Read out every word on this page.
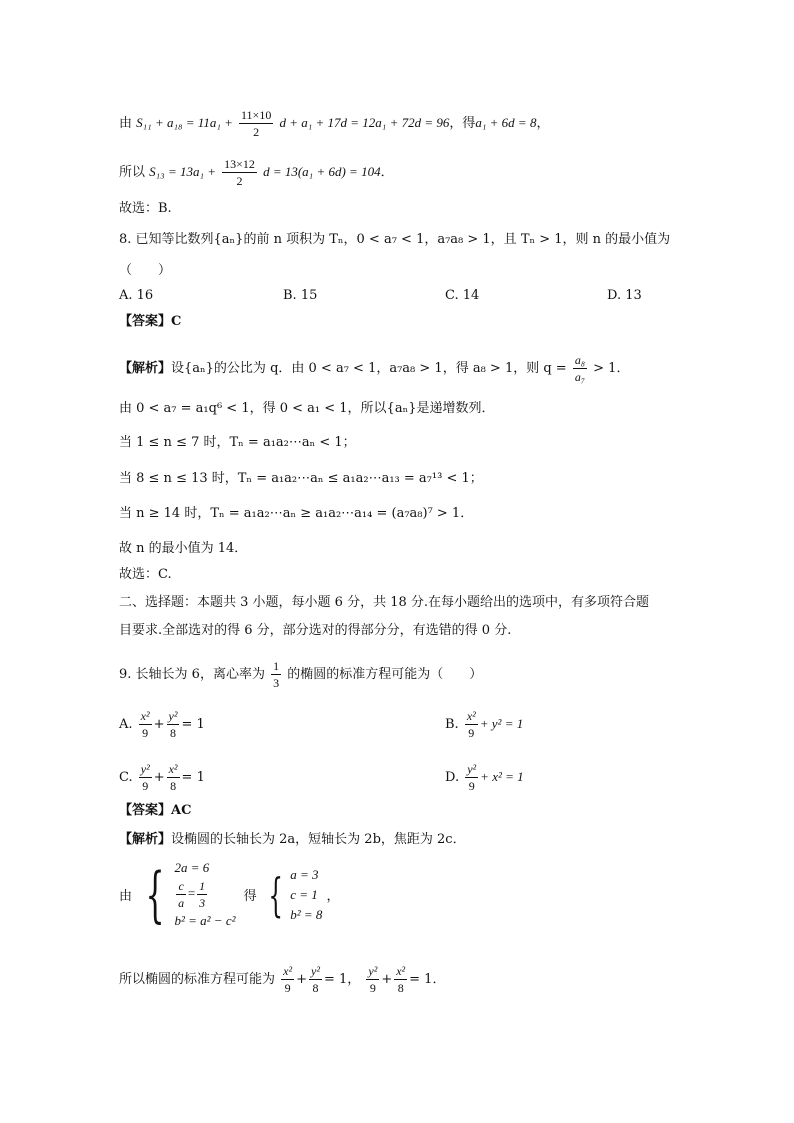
由 $S_{11} + a_{18} = 11a_1 + \frac{11\times 10}{2}$ d + a₁ + 17d = 12a₁ + 72d = 96，得a₁ + 6d = 8，
所以 $S_{13} = 13a_1 + \frac{13\times 12}{2}$ d = 13(a₁ + 6d) = 104．
故选：B.
8. 已知等比数列{aₙ}的前 n 项积为 Tₙ，0 < a₇ < 1，a₇a₈ > 1，且 Tₙ > 1，则 n 的最小值为
（　　）
A. 16	B. 15	C. 14	D. 13
【答案】C
【解析】设{aₙ}的公比为 q．由 0 < a₇ < 1，a₇a₈ > 1，得 a₈ > 1，则 $q = \frac{\text{a₈}}{\text{a₇}} > 1$．
由 0 < a₇ = a₁q⁶ < 1，得 0 < a₁ < 1，所以{aₙ}是递增数列．
当 1 ≤ n ≤ 7 时，Tₙ = a₁a₂⋯aₙ < 1；
当 8 ≤ n ≤ 13 时，Tₙ = a₁a₂⋯aₙ ≤ a₁a₂⋯a₁₃ = a₇¹³ < 1；
当 n ≥ 14 时，Tₙ = a₁a₂⋯aₙ ≥ a₁a₂⋯a₁₄ = (a₇a₈)⁷ > 1．
故 n 的最小值为 14．
故选：C.
二、选择题：本题共 3 小题，每小题 6 分，共 18 分.在每小题给出的选项中，有多项符合题
目要求.全部选对的得 6 分，部分选对的得部分分，有选错的得 0 分.
9. 长轴长为 6，离心率为 $\frac{1}{3}$ 的椭圆的标准方程可能为（　　）
A. $\frac{\text{x²}}{9} + \frac{\text{y²}}{8} = 1$	B. $\frac{\text{x²}}{9} + y^2 = 1$
C. $\frac{\text{y²}}{9} + \frac{\text{x²}}{8} = 1$	D. $\frac{\text{y²}}{9} + x^2 = 1$
【答案】AC
【解析】设椭圆的长轴长为 2a，短轴长为 2b，焦距为 2c．
由 { 2a = 6
$\frac{c}{a} = \frac{1}{3}$
b² = a² − c²
得 { a = 3
c = 1
b² = 8
，
所以椭圆的标准方程可能为 $\frac{\text{x²}}{9} + \frac{\text{y²}}{8} = 1$， $\frac{\text{y²}}{9} + \frac{\text{x²}}{8} = 1$．
